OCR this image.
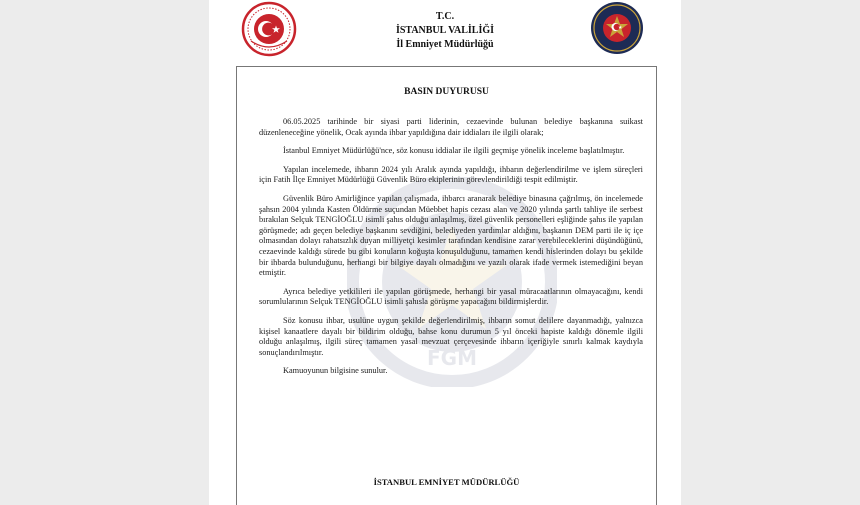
T.C.
İSTANBUL VALİLİĞİ
İl Emniyet Müdürlüğü
FGM
BASIN DUYURUSU

06.05.2025 tarihinde bir siyasi parti liderinin, cezaevinde bulunan belediye başkanına suikast düzenleneceğine yönelik, Ocak ayında ihbar yapıldığına dair iddiaları ile ilgili olarak;

İstanbul Emniyet Müdürlüğü'nce, söz konusu iddialar ile ilgili geçmişe yönelik inceleme başlatılmıştır.

Yapılan incelemede, ihbarın 2024 yılı Aralık ayında yapıldığı, ihbarın değerlendirilme ve işlem süreçleri için Fatih İlçe Emniyet Müdürlüğü Güvenlik Büro ekiplerinin görevlendirildiği tespit edilmiştir.

Güvenlik Büro Amirliğince yapılan çalışmada, ihbarcı aranarak belediye binasına çağrılmış, ön incelemede şahsın 2004 yılında Kasten Öldürme suçundan Müebbet hapis cezası alan ve 2020 yılında şartlı tahliye ile serbest bırakılan Selçuk TENGİOĞLU isimli şahıs olduğu anlaşılmış, özel güvenlik personelleri eşliğinde şahıs ile yapılan görüşmede; adı geçen belediye başkanını sevdiğini, belediyeden yardımlar aldığını, başkanın DEM parti ile iç içe olmasından dolayı rahatsızlık duyan milliyetçi kesimler tarafından kendisine zarar verebileceklerini düşündüğünü, cezaevinde kaldığı sürede bu gibi konuların koğuşta konuşulduğunu, tamamen kendi hislerinden dolayı bu şekilde bir ihbarda bulunduğunu, herhangi bir bilgiye dayalı olmadığını ve yazılı olarak ifade vermek istemediğini beyan etmiştir.

Ayrıca belediye yetkilileri ile yapılan görüşmede, herhangi bir yasal müracaatlarının olmayacağını, kendi sorumlularının Selçuk TENGİOĞLU isimli şahısla görüşme yapacağını bildirmişlerdir.

Söz konusu ihbar, usulüne uygun şekilde değerlendirilmiş, ihbarın somut delilere dayanmadığı, yalnızca kişisel kanaatlere dayalı bir bildirim olduğu, bahse konu durumun 5 yıl önceki hapiste kaldığı dönemle ilgili olduğu anlaşılmış, ilgili süreç tamamen yasal mevzuat çerçevesinde ihbarın içeriğiyle sınırlı kalmak kaydıyla sonuçlandırılmıştır.

Kamuoyunun bilgisine sunulur.

İSTANBUL EMNİYET MÜDÜRLÜĞÜ
